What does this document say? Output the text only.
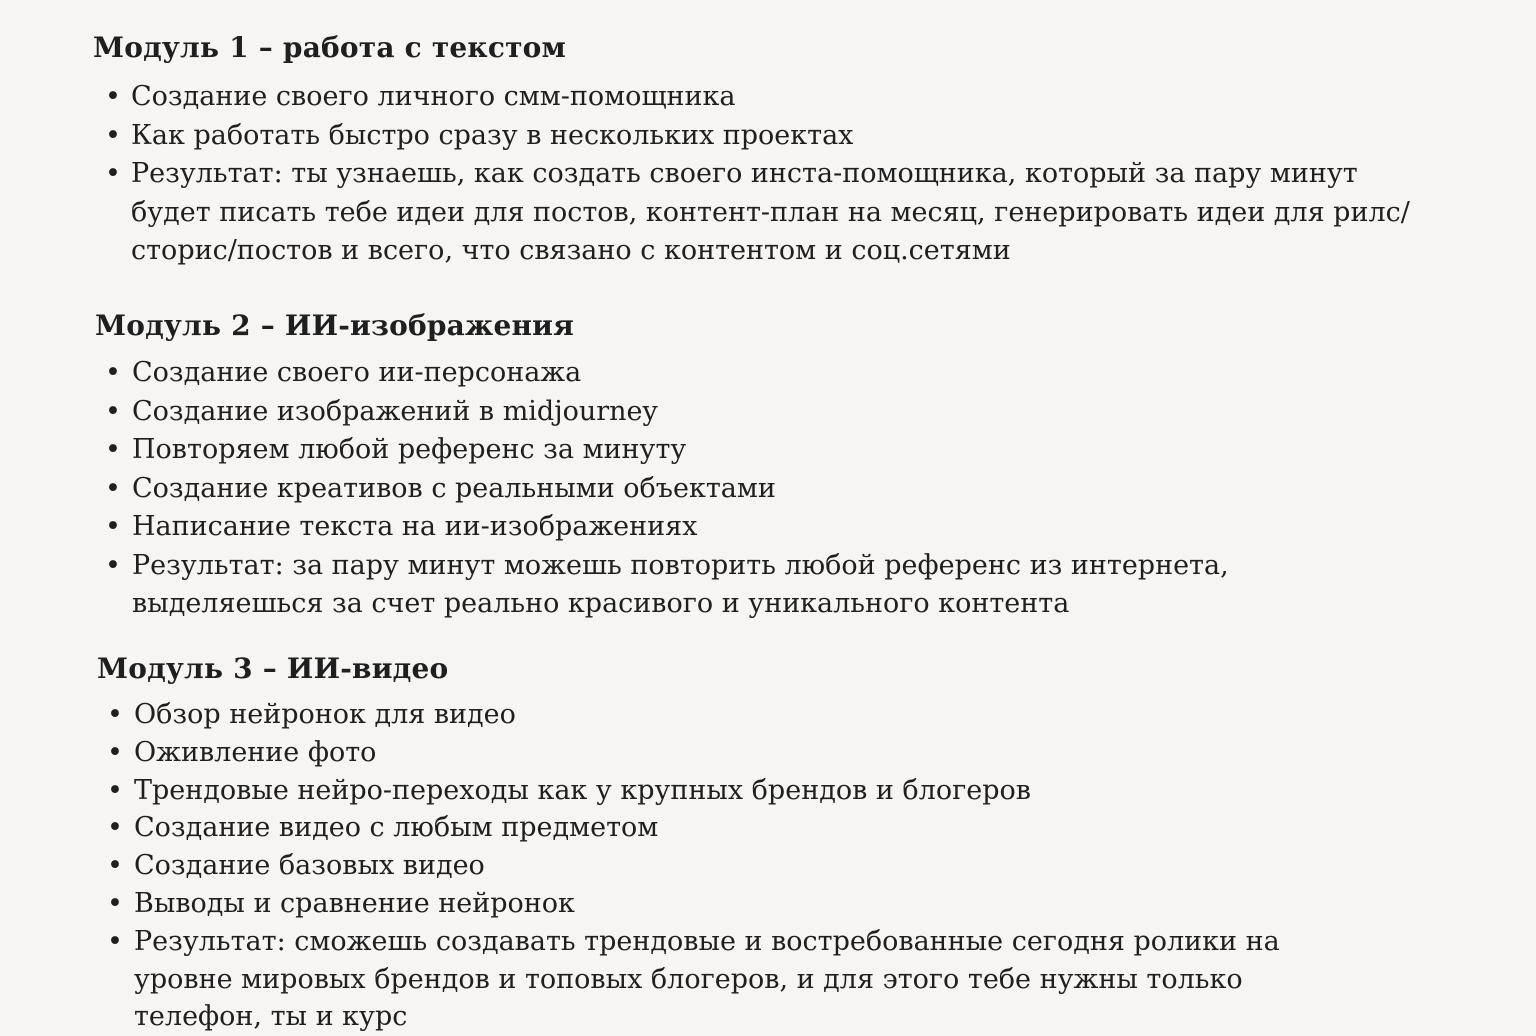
Модуль 1 – работа с текстом
• Создание своего личного смм-помощника
• Как работать быстро сразу в нескольких проектах
• Результат: ты узнаешь, как создать своего инста-помощника, который за пару минут будет писать тебе идеи для постов, контент-план на месяц, генерировать идеи для рилс/сторис/постов и всего, что связано с контентом и соц.сетями
Модуль 2 – ИИ-изображения
• Создание своего ии-персонажа
• Создание изображений в midjourney
• Повторяем любой референс за минуту
• Создание креативов с реальными объектами
• Написание текста на ии-изображениях
• Результат: за пару минут можешь повторить любой референс из интернета, выделяешься за счет реально красивого и уникального контента
Модуль 3 – ИИ-видео
• Обзор нейронок для видео
• Оживление фото
• Трендовые нейро-переходы как у крупных брендов и блогеров
• Создание видео с любым предметом
• Создание базовых видео
• Выводы и сравнение нейронок
• Результат: сможешь создавать трендовые и востребованные сегодня ролики на уровне мировых брендов и топовых блогеров, и для этого тебе нужны только телефон, ты и курс
